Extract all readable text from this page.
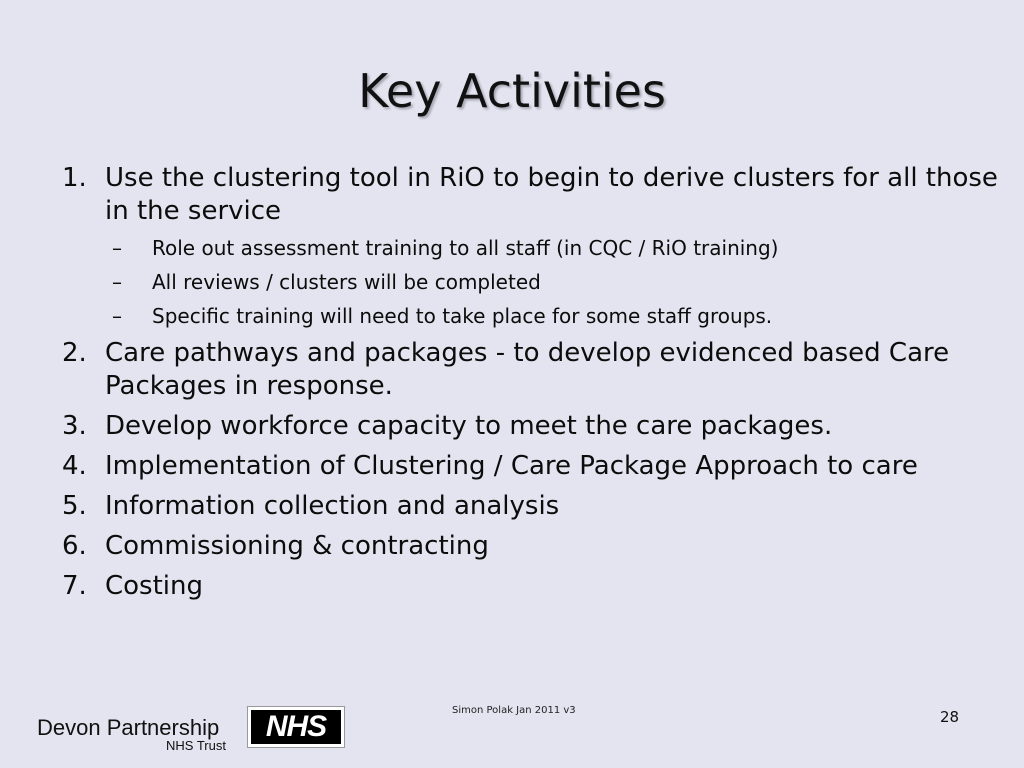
Key Activities
1. Use the clustering tool in RiO to begin to derive clusters for all those in the service
– Role out assessment training to all staff (in CQC / RiO training)
– All reviews / clusters will be completed
– Specific training will need to take place for some staff groups.
2. Care pathways and packages - to develop evidenced based Care Packages in response.
3. Develop workforce capacity to meet the care packages.
4. Implementation of Clustering / Care Package Approach to care
5. Information collection and analysis
6. Commissioning & contracting
7. Costing
Simon Polak Jan 2011 v3	28
Devon Partnership
NHS Trust
NHS
